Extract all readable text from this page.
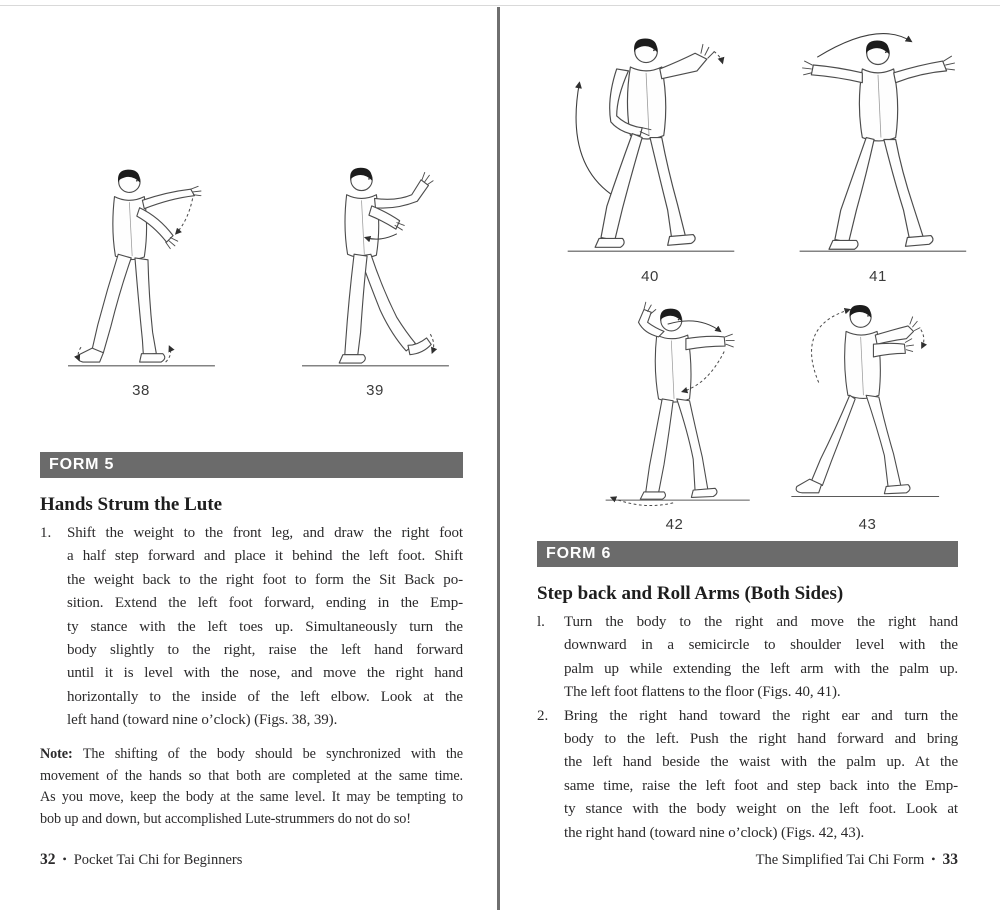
38	39
FORM 5
Hands Strum the Lute
1. Shift the weight to the front leg, and draw the right foot
a half step forward and place it behind the left foot. Shift
the weight back to the right foot to form the Sit Back po-
sition. Extend the left foot forward, ending in the Emp-
ty stance with the left toes up. Simultaneously turn the
body slightly to the right, raise the left hand forward
until it is level with the nose, and move the right hand
horizontally to the inside of the left elbow. Look at the
left hand (toward nine o’clock) (Figs. 38, 39).
Note: The shifting of the body should be synchronized with the
movement of the hands so that both are completed at the same time.
As you move, keep the body at the same level. It may be tempting to
bob up and down, but accomplished Lute-strummers do not do so!
32 • Pocket Tai Chi for Beginners
40	41
42	43
FORM 6
Step back and Roll Arms (Both Sides)
l. Turn the body to the right and move the right hand
downward in a semicircle to shoulder level with the
palm up while extending the left arm with the palm up.
The left foot flattens to the floor (Figs. 40, 41).
2. Bring the right hand toward the right ear and turn the
body to the left. Push the right hand forward and bring
the left hand beside the waist with the palm up. At the
same time, raise the left foot and step back into the Emp-
ty stance with the body weight on the left foot. Look at
the right hand (toward nine o’clock) (Figs. 42, 43).
The Simplified Tai Chi Form • 33
